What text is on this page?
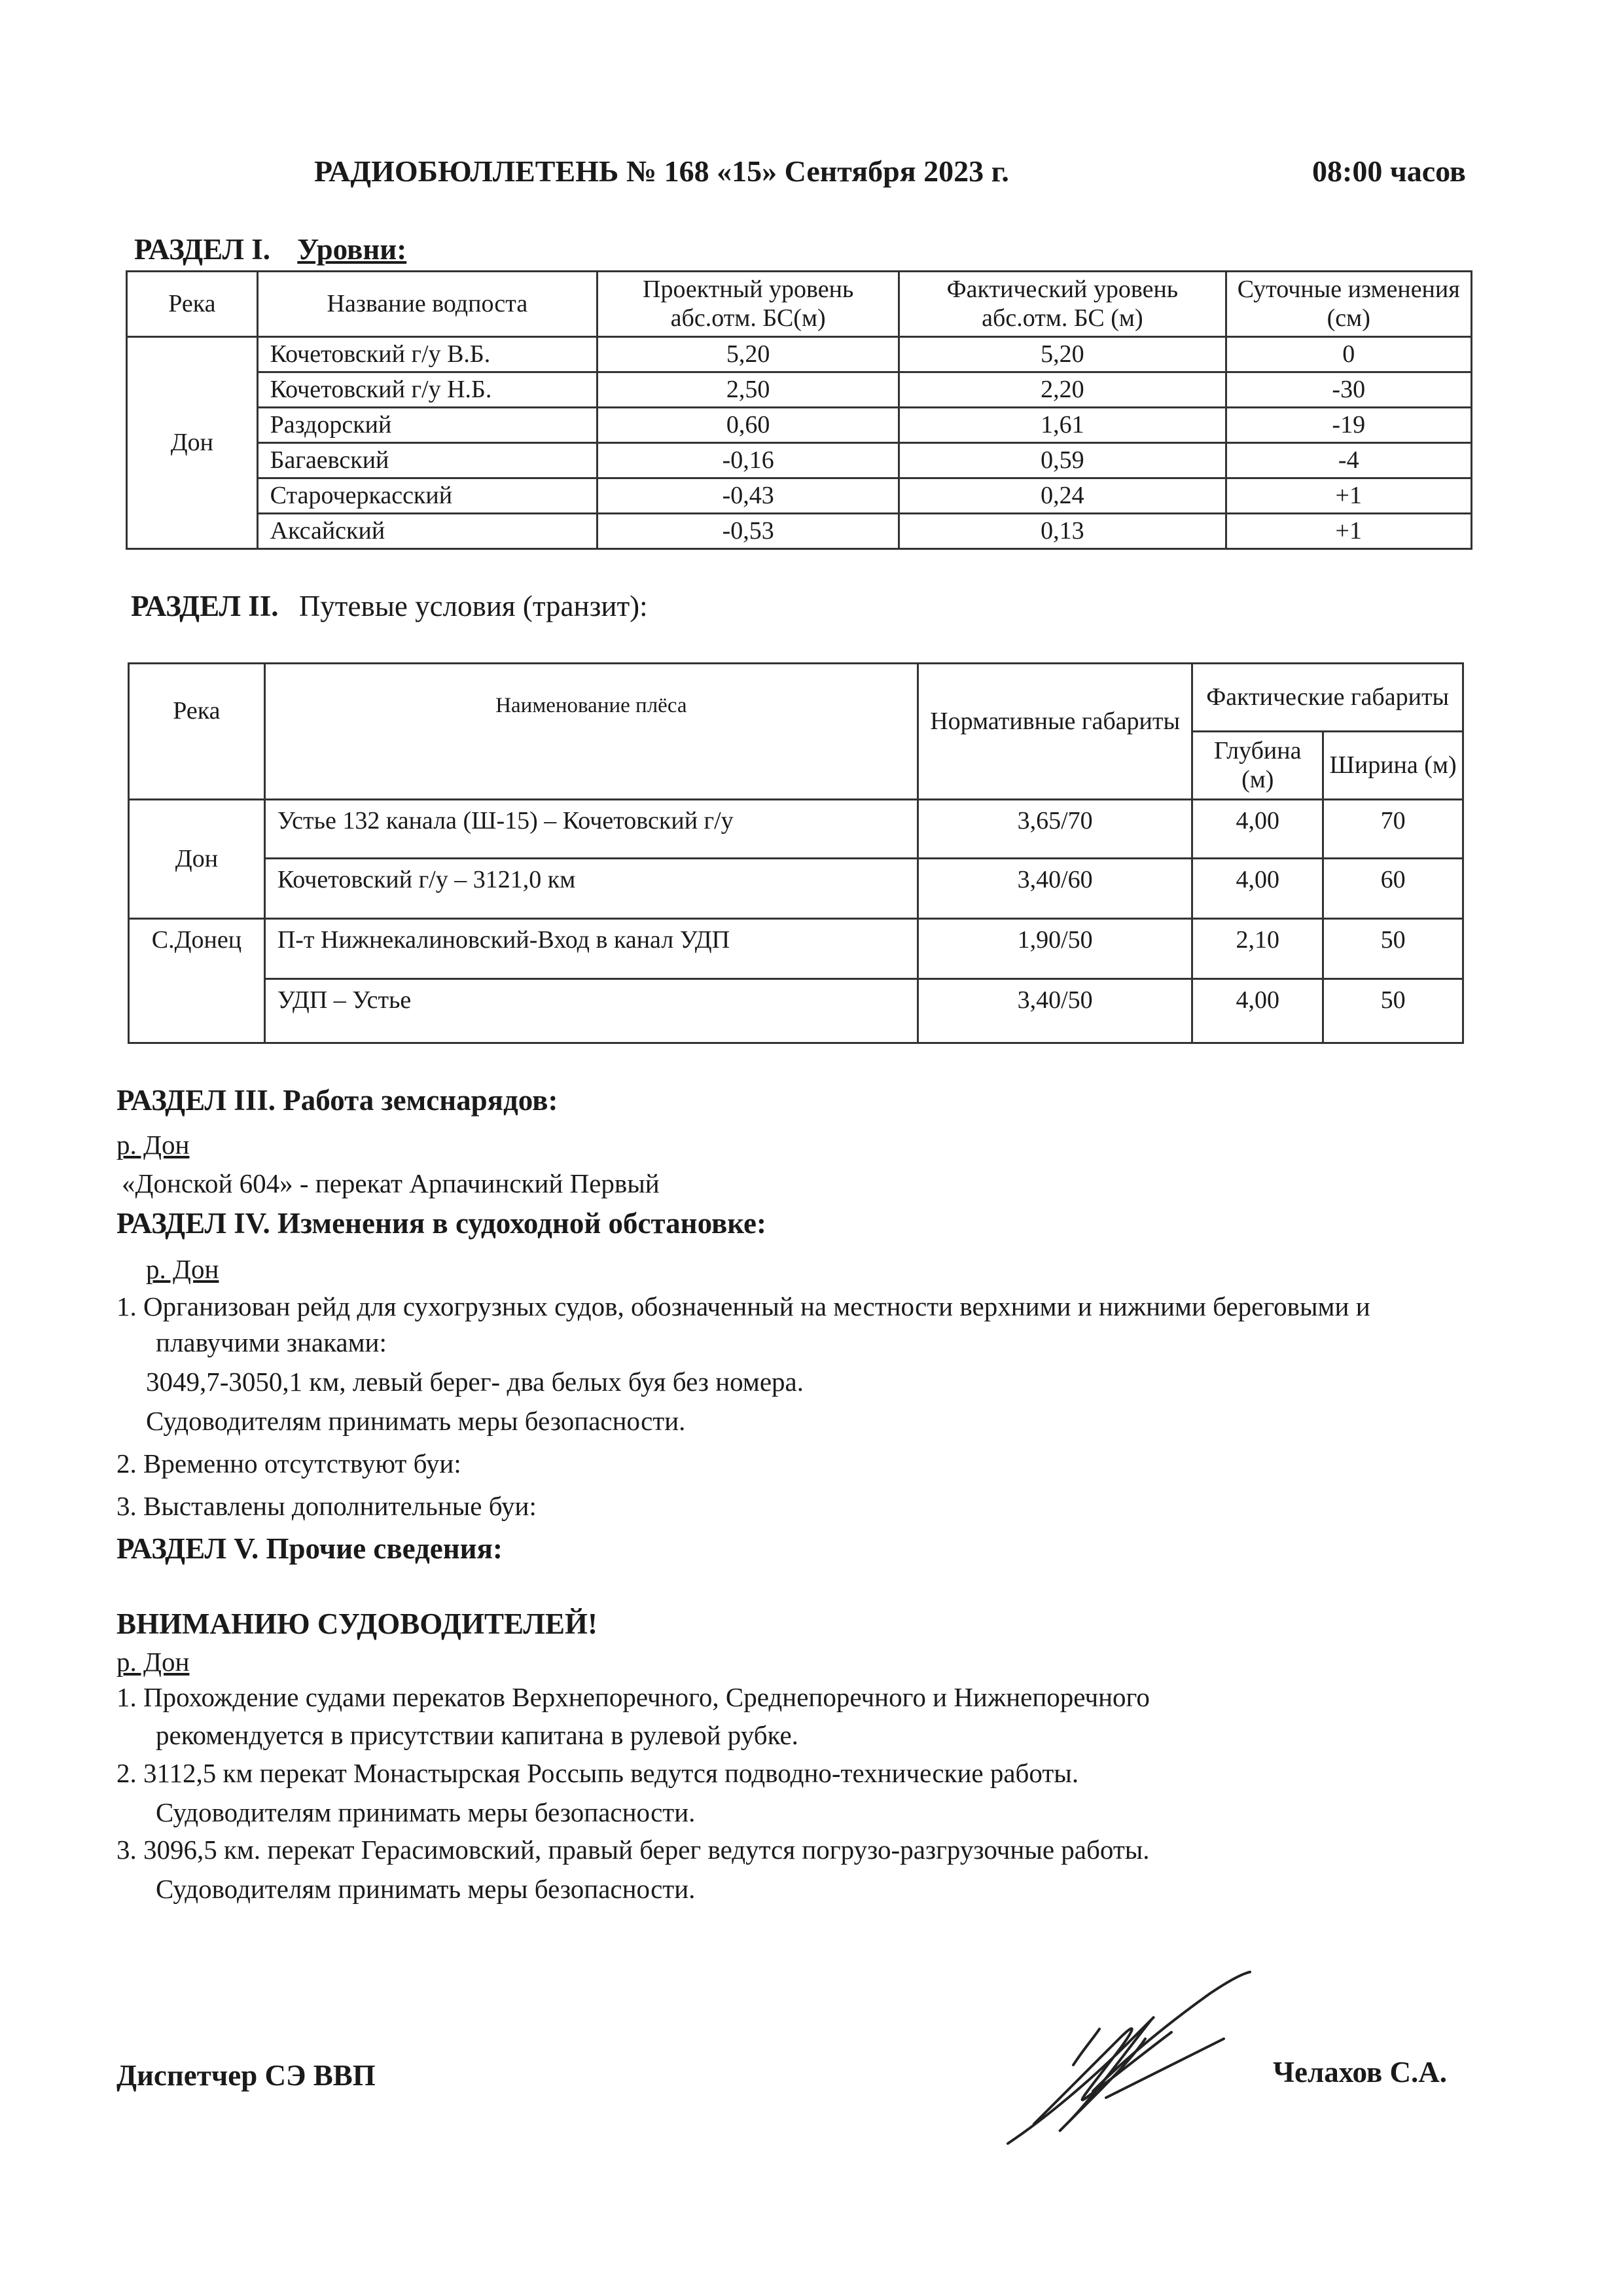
РАДИОБЮЛЛЕТЕНЬ № 168 «15» Сентября 2023 г.	08:00 часов
РАЗДЕЛ I. Уровни:
Река	Название водпоста	Проектный уровень абс.отм. БС(м)	Фактический уровень абс.отм. БС (м)	Суточные изменения (см)
Дон	Кочетовский г/у В.Б.	5,20	5,20	0
	Кочетовский г/у Н.Б.	2,50	2,20	-30
	Раздорский	0,60	1,61	-19
	Багаевский	-0,16	0,59	-4
	Старочеркасский	-0,43	0,24	+1
	Аксайский	-0,53	0,13	+1
РАЗДЕЛ II. Путевые условия (транзит):
Река	Наименование плёса	Нормативные габариты	Фактические габариты	
			Глубина (м)	Ширина (м)
Дон	Устье 132 канала (Ш-15) – Кочетовский г/у	3,65/70	4,00	70
	Кочетовский г/у – 3121,0 км	3,40/60	4,00	60
С.Донец	П-т Нижнекалиновский-Вход в канал УДП	1,90/50	2,10	50
	УДП – Устье	3,40/50	4,00	50
РАЗДЕЛ III. Работа земснарядов:
р. Дон
«Донской 604» - перекат Арпачинский Первый
РАЗДЕЛ IV. Изменения в судоходной обстановке:
р. Дон
1. Организован рейд для сухогрузных судов, обозначенный на местности верхними и нижними береговыми и
плавучими знаками:
3049,7-3050,1 км, левый берег- два белых буя без номера.
Судоводителям принимать меры безопасности.
2. Временно отсутствуют буи:
3. Выставлены дополнительные буи:
РАЗДЕЛ V. Прочие сведения:
ВНИМАНИЮ СУДОВОДИТЕЛЕЙ!
р. Дон
1. Прохождение судами перекатов Верхнепоречного, Среднепоречного и Нижнепоречного
рекомендуется в присутствии капитана в рулевой рубке.
2. 3112,5 км перекат Монастырская Россыпь ведутся подводно-технические работы.
Судоводителям принимать меры безопасности.
3. 3096,5 км. перекат Герасимовский, правый берег ведутся погрузо-разгрузочные работы.
Судоводителям принимать меры безопасности.
Диспетчер СЭ ВВП	Челахов С.А.
